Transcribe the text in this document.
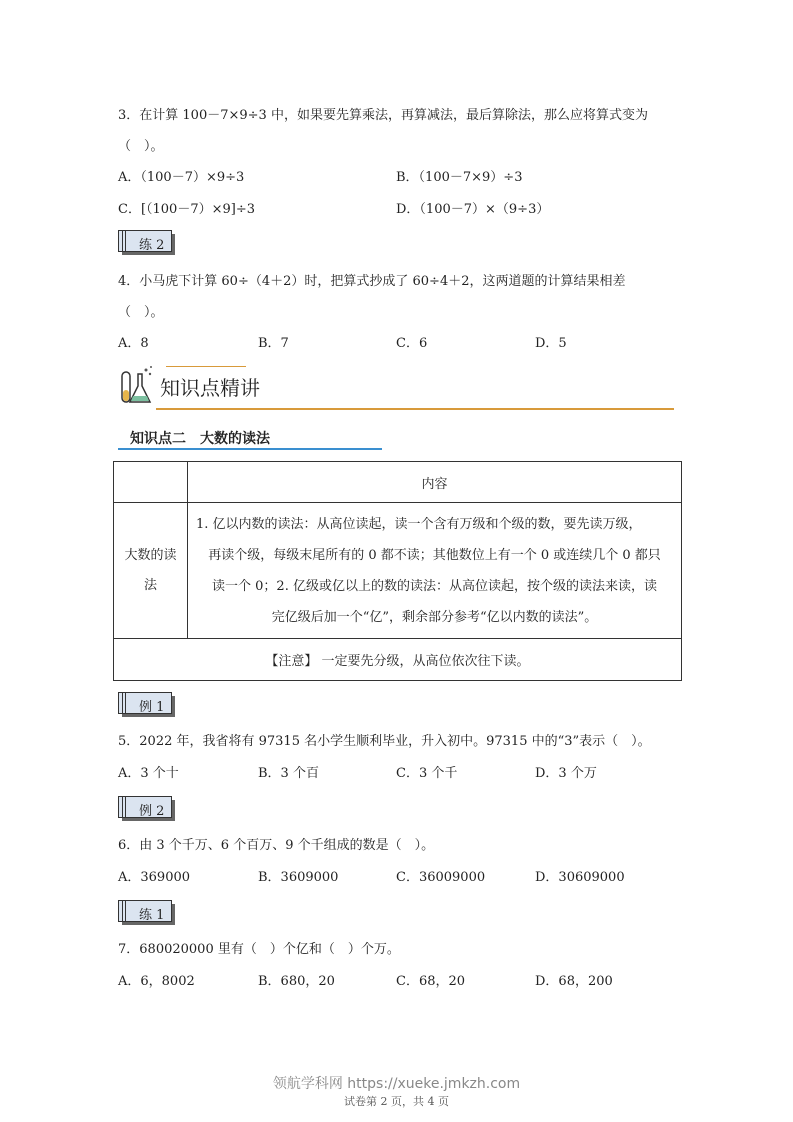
3．在计算 100－7×9÷3 中，如果要先算乘法，再算减法，最后算除法，那么应将算式变为
（　）。
A．（100－7）×9÷3	B．（100－7×9）÷3
C．[（100－7）×9]÷3	D．（100－7）×（9÷3）
练 2
4．小马虎下计算 60÷（4＋2）时，把算式抄成了 60÷4＋2，这两道题的计算结果相差
（　）。
A．8	B．7	C．6	D．5
知识点精讲
知识点二　大数的读法
	内容
大数的读法	1. 亿以内数的读法：从高位读起，读一个含有万级和个级的数，要先读万级，
再读个级，每级末尾所有的 0 都不读；其他数位上有一个 0 或连续几个 0 都只
读一个 0；2. 亿级或亿以上的数的读法：从高位读起，按个级的读法来读，读
完亿级后加一个“亿”，剩余部分参考“亿以内数的读法”。

【注意】 一定要先分级，从高位依次往下读。	
例 1
5．2022 年，我省将有 97315 名小学生顺利毕业，升入初中。97315 中的“3”表示（　）。
A．3 个十	B．3 个百	C．3 个千	D．3 个万
例 2
6．由 3 个千万、6 个百万、9 个千组成的数是（　）。
A．369000	B．3609000	C．36009000	D．30609000
练 1
7．680020000 里有（　）个亿和（　）个万。
A．6，8002	B．680，20	C．68，20	D．68，200
领航学科网 https://xueke.jmkzh.com
试卷第 2 页，共 4 页
